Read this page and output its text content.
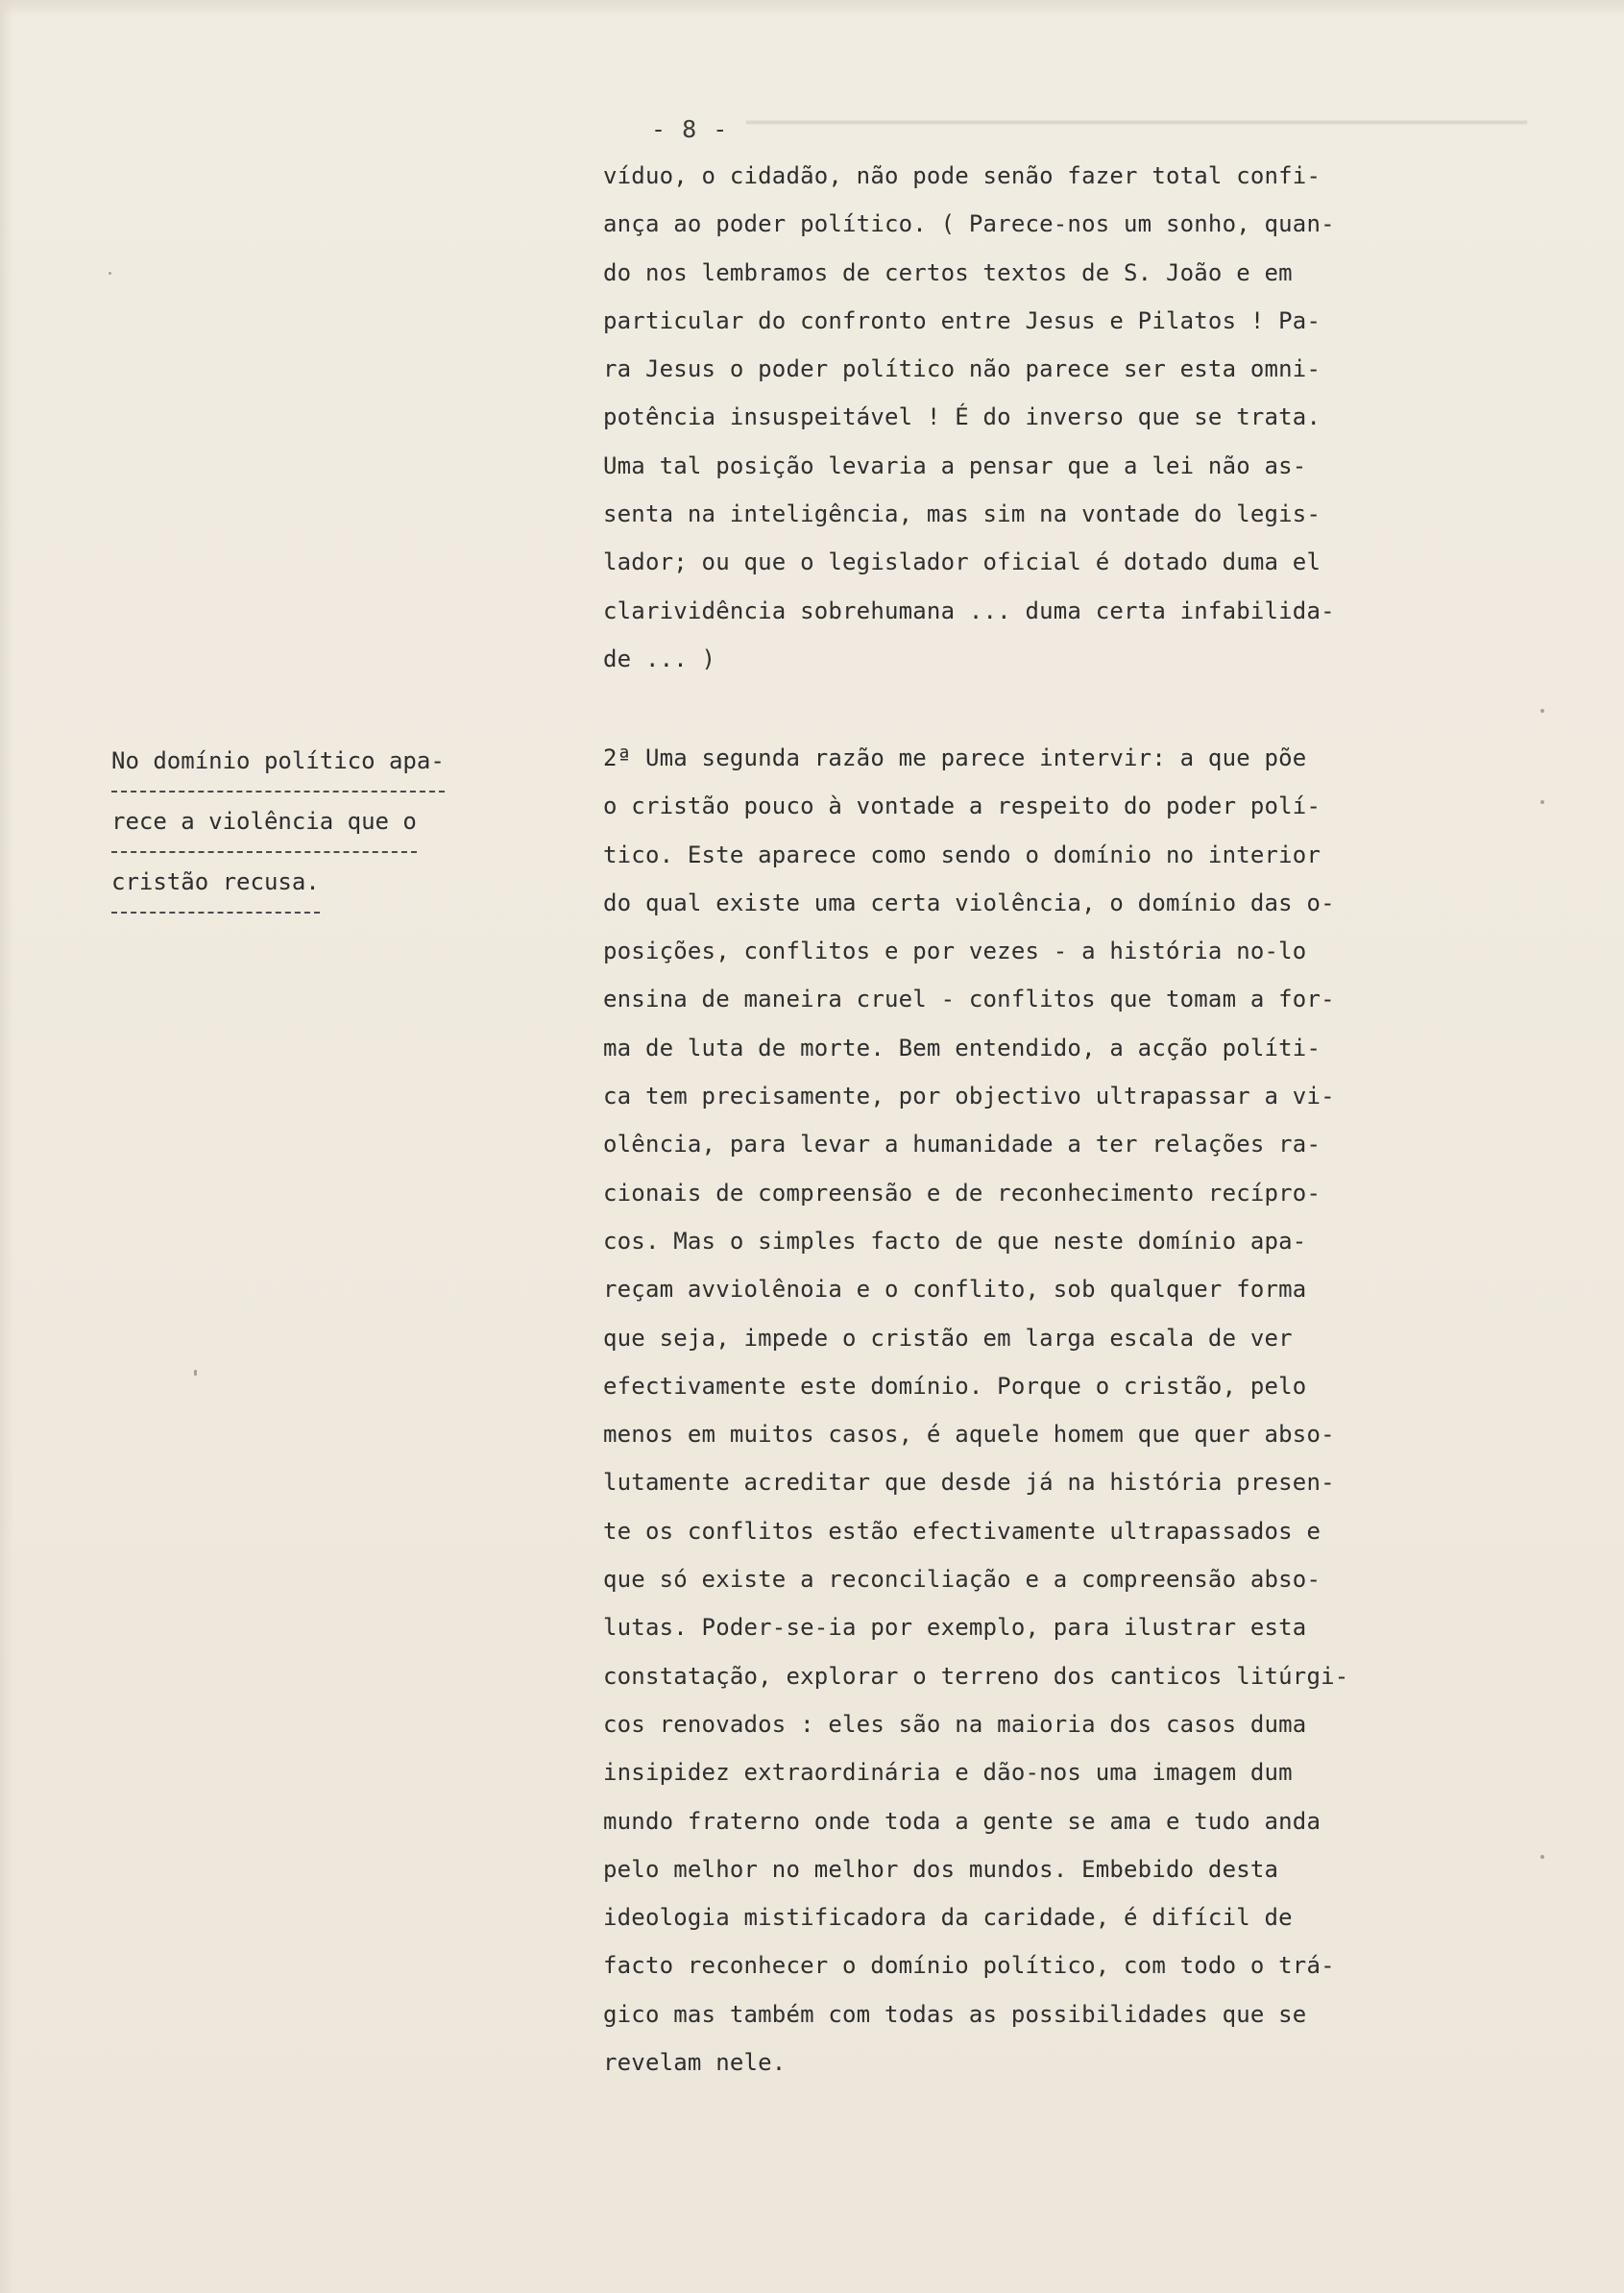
▁▁▁▁▁▁▁▁▁▁▁▁▁▁▁▁▁▁▁▁▁▁▁▁▁▁▁▁▁▁▁▁▁▁▁▁▁▁▁▁▁▁▁▁▁▁▁▁▁▁▁▁▁▁
- 8 -
víduo, o cidadão, não pode senão fazer total confi-
ança ao poder político. ( Parece-nos um sonho, quan-
do nos lembramos de certos textos de S. João e em
particular do confronto entre Jesus e Pilatos ! Pa-
ra Jesus o poder político não parece ser esta omni-
potência insuspeitável ! É do inverso que se trata.
Uma tal posição levaria a pensar que a lei não as-
senta na inteligência, mas sim na vontade do legis-
lador; ou que o legislador oficial é dotado duma el
clarividência sobrehumana ... duma certa infabilida-
de ... )
No domínio político apa-
rece a violência que o
cristão recusa.
2ª Uma segunda razão me parece intervir: a que põe
o cristão pouco à vontade a respeito do poder polí-
tico. Este aparece como sendo o domínio no interior
do qual existe uma certa violência, o domínio das o-
posições, conflitos e por vezes - a história no-lo
ensina de maneira cruel - conflitos que tomam a for-
ma de luta de morte. Bem entendido, a acção políti-
ca tem precisamente, por objectivo ultrapassar a vi-
olência, para levar a humanidade a ter relações ra-
cionais de compreensão e de reconhecimento recípro-
cos. Mas o simples facto de que neste domínio apa-
reçam avviolênoia e o conflito, sob qualquer forma
que seja, impede o cristão em larga escala de ver
efectivamente este domínio. Porque o cristão, pelo
menos em muitos casos, é aquele homem que quer abso-
lutamente acreditar que desde já na história presen-
te os conflitos estão efectivamente ultrapassados e
que só existe a reconciliação e a compreensão abso-
lutas. Poder-se-ia por exemplo, para ilustrar esta
constatação, explorar o terreno dos canticos litúrgi-
cos renovados : eles são na maioria dos casos duma
insipidez extraordinária e dão-nos uma imagem dum
mundo fraterno onde toda a gente se ama e tudo anda
pelo melhor no melhor dos mundos. Embebido desta
ideologia mistificadora da caridade, é difícil de
facto reconhecer o domínio político, com todo o trá-
gico mas também com todas as possibilidades que se
revelam nele.
